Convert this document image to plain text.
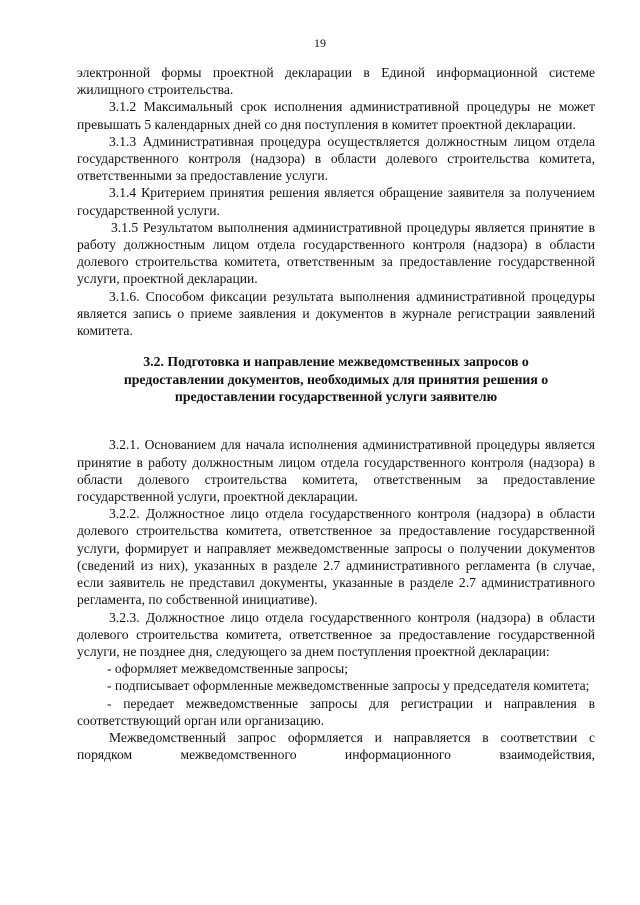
19

электронной формы проектной декларации в Единой информационной системе жилищного строительства.

3.1.2 Максимальный срок исполнения административной процедуры не может превышать 5 календарных дней со дня поступления в комитет проектной декларации.

3.1.3 Административная процедура осуществляется должностным лицом отдела государственного контроля (надзора) в области долевого строительства комитета, ответственными за предоставление услуги.

3.1.4 Критерием принятия решения является обращение заявителя за получением государственной услуги.

3.1.5 Результатом выполнения административной процедуры является принятие в работу должностным лицом отдела государственного контроля (надзора) в области долевого строительства комитета, ответственным за предоставление государственной услуги, проектной декларации.

3.1.6. Способом фиксации результата выполнения административной процедуры является запись о приеме заявления и документов в журнале регистрации заявлений комитета.

3.2. Подготовка и направление межведомственных запросов о предоставлении документов, необходимых для принятия решения о предоставлении государственной услуги заявителю

3.2.1. Основанием для начала исполнения административной процедуры является принятие в работу должностным лицом отдела государственного контроля (надзора) в области долевого строительства комитета, ответственным за предоставление государственной услуги, проектной декларации.

3.2.2. Должностное лицо отдела государственного контроля (надзора) в области долевого строительства комитета, ответственное за предоставление государственной услуги, формирует и направляет межведомственные запросы о получении документов (сведений из них), указанных в разделе 2.7 административного регламента (в случае, если заявитель не представил документы, указанные в разделе 2.7 административного регламента, по собственной инициативе).

3.2.3. Должностное лицо отдела государственного контроля (надзора) в области долевого строительства комитета, ответственное за предоставление государственной услуги, не позднее дня, следующего за днем поступления проектной декларации:

- оформляет межведомственные запросы;

- подписывает оформленные межведомственные запросы у председателя комитета;

- передает межведомственные запросы для регистрации и направления в соответствующий орган или организацию.

Межведомственный запрос оформляется и направляется в соответствии с порядком межведомственного информационного взаимодействия,
